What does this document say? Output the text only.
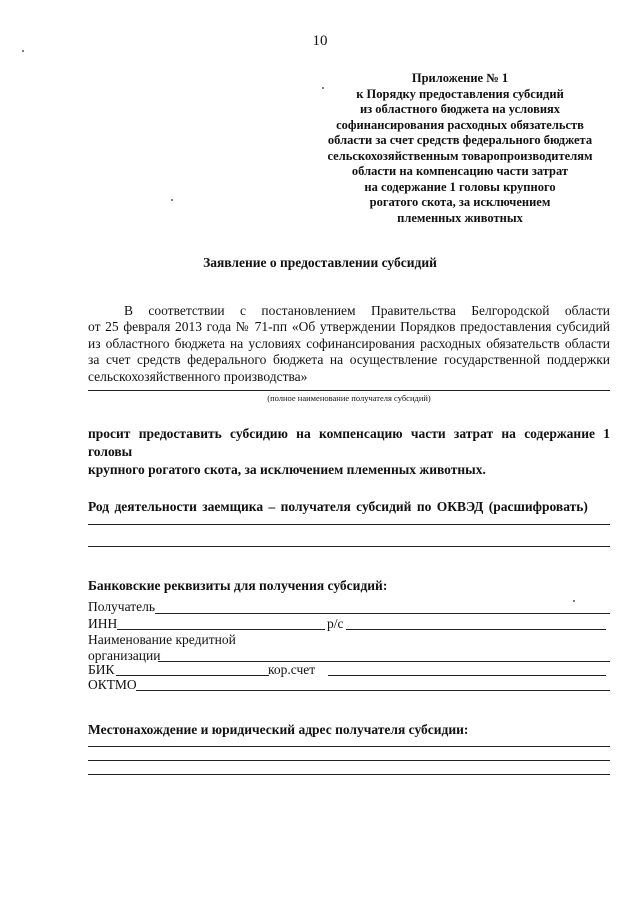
10
Приложение № 1
к Порядку предоставления субсидий
из областного бюджета на условиях
софинансирования расходных обязательств
области за счет средств федерального бюджета
сельскохозяйственным товаропроизводителям
области на компенсацию части затрат
на содержание 1 головы крупного
рогатого скота, за исключением
племенных животных
Заявление о предоставлении субсидий
В соответствии с постановлением Правительства Белгородской области
от 25 февраля 2013 года № 71-пп «Об утверждении Порядков предоставления субсидий
из областного бюджета на условиях софинансирования расходных обязательств области
за счет средств федерального бюджета на осуществление государственной поддержки
сельскохозяйственного производства»
(полное наименование получателя субсидий)
просит предоставить субсидию на компенсацию части затрат на содержание 1 головы
крупного рогатого скота, за исключением племенных животных.
Род деятельности заемщика – получателя субсидий по ОКВЭД (расшифровать)
Банковские реквизиты для получения субсидий:
Получатель
ИНН	р/с
Наименование кредитной
организации
БИК	кор.счет
ОКТМО
Местонахождение и юридический адрес получателя субсидии:
